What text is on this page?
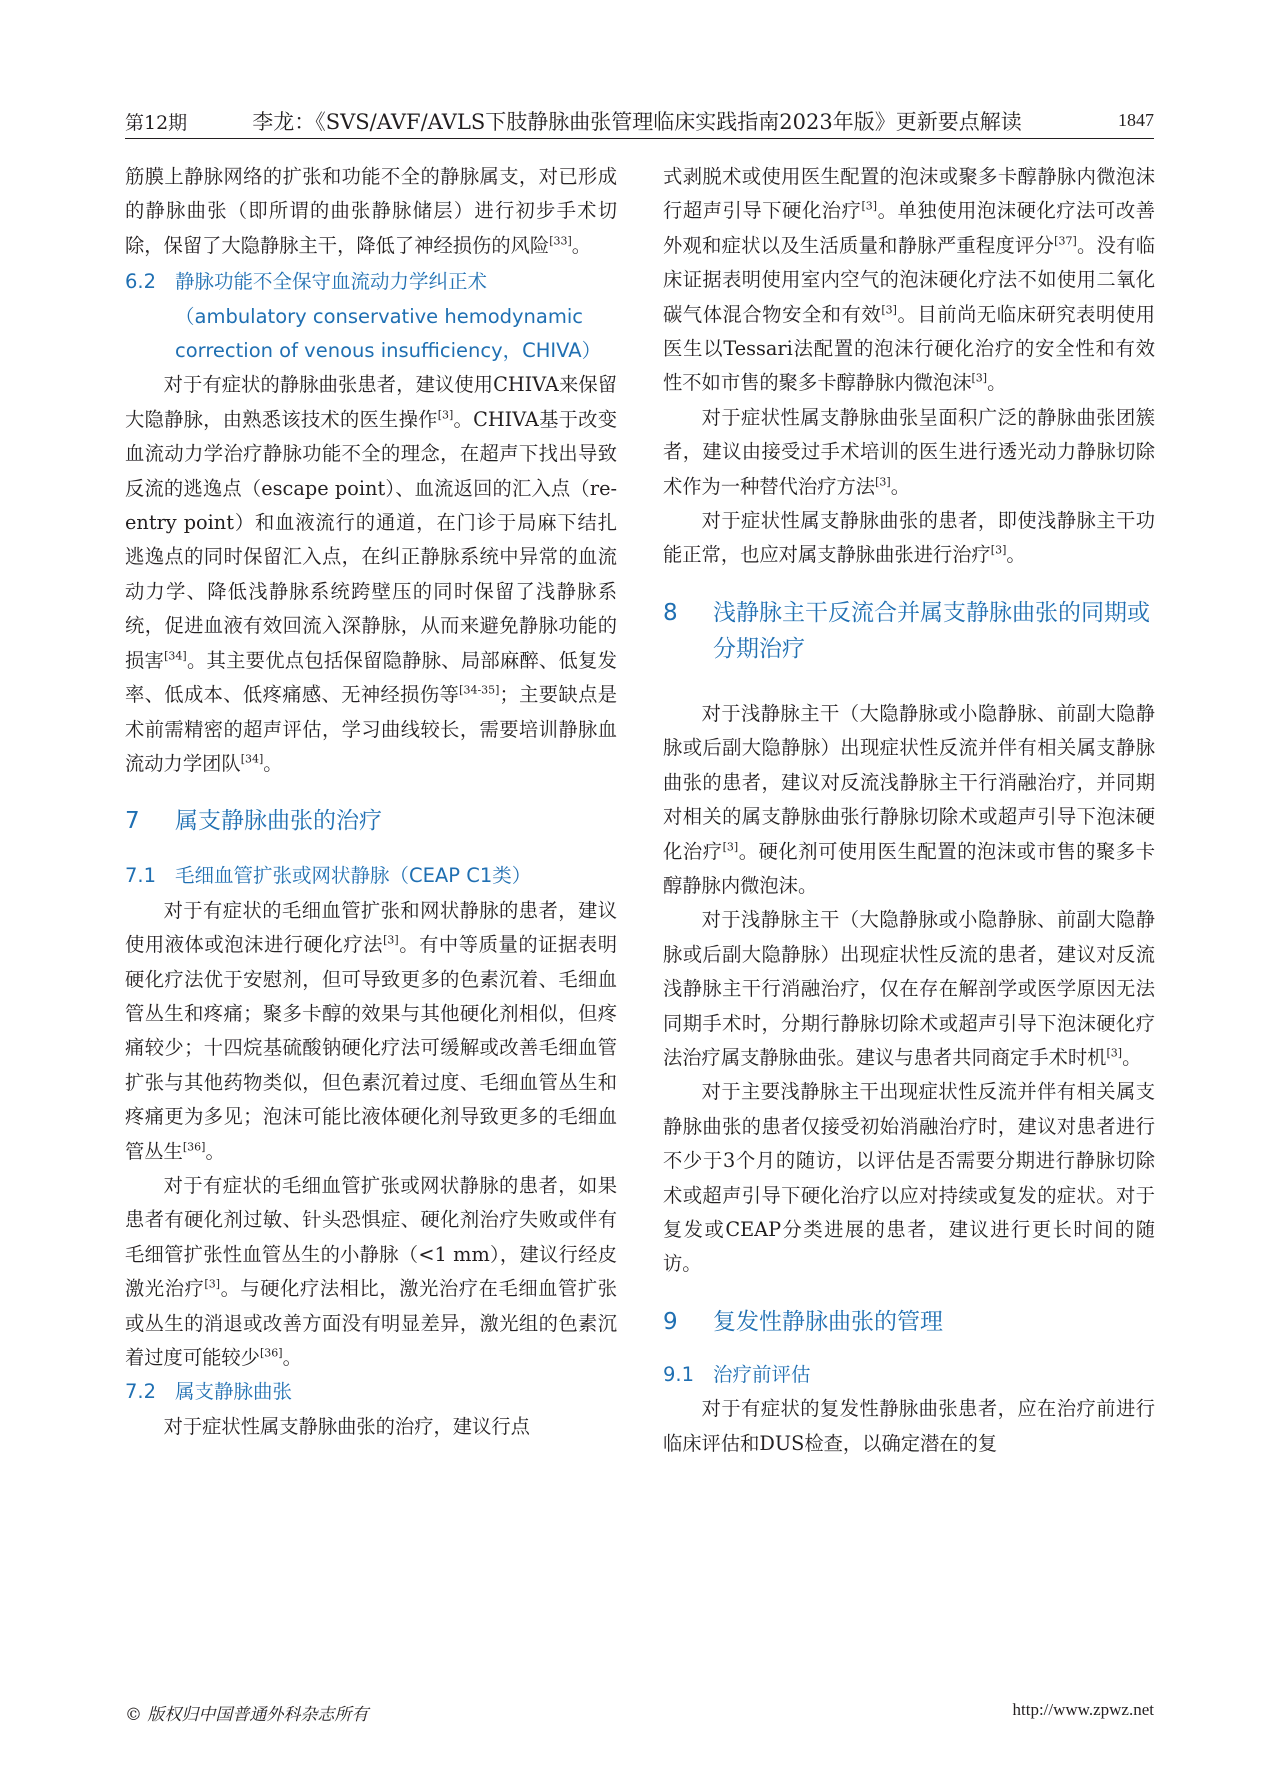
第12期	李龙：《SVS/AVF/AVLS下肢静脉曲张管理临床实践指南2023年版》更新要点解读	1847

筋膜上静脉网络的扩张和功能不全的静脉属支，对已形成的静脉曲张（即所谓的曲张静脉储层）进行初步手术切除，保留了大隐静脉主干，降低了神经损伤的风险[33]。

6.2 静脉功能不全保守血流动力学纠正术（ambulatory conservative hemodynamic correction of venous insufficiency，CHIVA）

对于有症状的静脉曲张患者，建议使用CHIVA来保留大隐静脉，由熟悉该技术的医生操作[3]。CHIVA基于改变血流动力学治疗静脉功能不全的理念，在超声下找出导致反流的逃逸点（escape point）、血流返回的汇入点（re-entry point）和血液流行的通道，在门诊于局麻下结扎逃逸点的同时保留汇入点，在纠正静脉系统中异常的血流动力学、降低浅静脉系统跨壁压的同时保留了浅静脉系统，促进血液有效回流入深静脉，从而来避免静脉功能的损害[34]。其主要优点包括保留隐静脉、局部麻醉、低复发率、低成本、低疼痛感、无神经损伤等[34-35]；主要缺点是术前需精密的超声评估，学习曲线较长，需要培训静脉血流动力学团队[34]。

7 属支静脉曲张的治疗
7.1 毛细血管扩张或网状静脉（CEAP C1类）

对于有症状的毛细血管扩张和网状静脉的患者，建议使用液体或泡沫进行硬化疗法[3]。有中等质量的证据表明硬化疗法优于安慰剂，但可导致更多的色素沉着、毛细血管丛生和疼痛；聚多卡醇的效果与其他硬化剂相似，但疼痛较少；十四烷基硫酸钠硬化疗法可缓解或改善毛细血管扩张与其他药物类似，但色素沉着过度、毛细血管丛生和疼痛更为多见；泡沫可能比液体硬化剂导致更多的毛细血管丛生[36]。

对于有症状的毛细血管扩张或网状静脉的患者，如果患者有硬化剂过敏、针头恐惧症、硬化剂治疗失败或伴有毛细管扩张性血管丛生的小静脉（<1 mm），建议行经皮激光治疗[3]。与硬化疗法相比，激光治疗在毛细血管扩张或丛生的消退或改善方面没有明显差异，激光组的色素沉着过度可能较少[36]。

7.2 属支静脉曲张

对于症状性属支静脉曲张的治疗，建议行点

式剥脱术或使用医生配置的泡沫或聚多卡醇静脉内微泡沫行超声引导下硬化治疗[3]。单独使用泡沫硬化疗法可改善外观和症状以及生活质量和静脉严重程度评分[37]。没有临床证据表明使用室内空气的泡沫硬化疗法不如使用二氧化碳气体混合物安全和有效[3]。目前尚无临床研究表明使用医生以Tessari法配置的泡沫行硬化治疗的安全性和有效性不如市售的聚多卡醇静脉内微泡沫[3]。

对于症状性属支静脉曲张呈面积广泛的静脉曲张团簇者，建议由接受过手术培训的医生进行透光动力静脉切除术作为一种替代治疗方法[3]。

对于症状性属支静脉曲张的患者，即使浅静脉主干功能正常，也应对属支静脉曲张进行治疗[3]。

8 浅静脉主干反流合并属支静脉曲张的同期或分期治疗

对于浅静脉主干（大隐静脉或小隐静脉、前副大隐静脉或后副大隐静脉）出现症状性反流并伴有相关属支静脉曲张的患者，建议对反流浅静脉主干行消融治疗，并同期对相关的属支静脉曲张行静脉切除术或超声引导下泡沫硬化治疗[3]。硬化剂可使用医生配置的泡沫或市售的聚多卡醇静脉内微泡沫。

对于浅静脉主干（大隐静脉或小隐静脉、前副大隐静脉或后副大隐静脉）出现症状性反流的患者，建议对反流浅静脉主干行消融治疗，仅在存在解剖学或医学原因无法同期手术时，分期行静脉切除术或超声引导下泡沫硬化疗法治疗属支静脉曲张。建议与患者共同商定手术时机[3]。

对于主要浅静脉主干出现症状性反流并伴有相关属支静脉曲张的患者仅接受初始消融治疗时，建议对患者进行不少于3个月的随访，以评估是否需要分期进行静脉切除术或超声引导下硬化治疗以应对持续或复发的症状。对于复发或CEAP分类进展的患者，建议进行更长时间的随访。

9 复发性静脉曲张的管理
9.1 治疗前评估

对于有症状的复发性静脉曲张患者，应在治疗前进行临床评估和DUS检查，以确定潜在的复

© 版权归中国普通外科杂志所有	http://www.zpwz.net
